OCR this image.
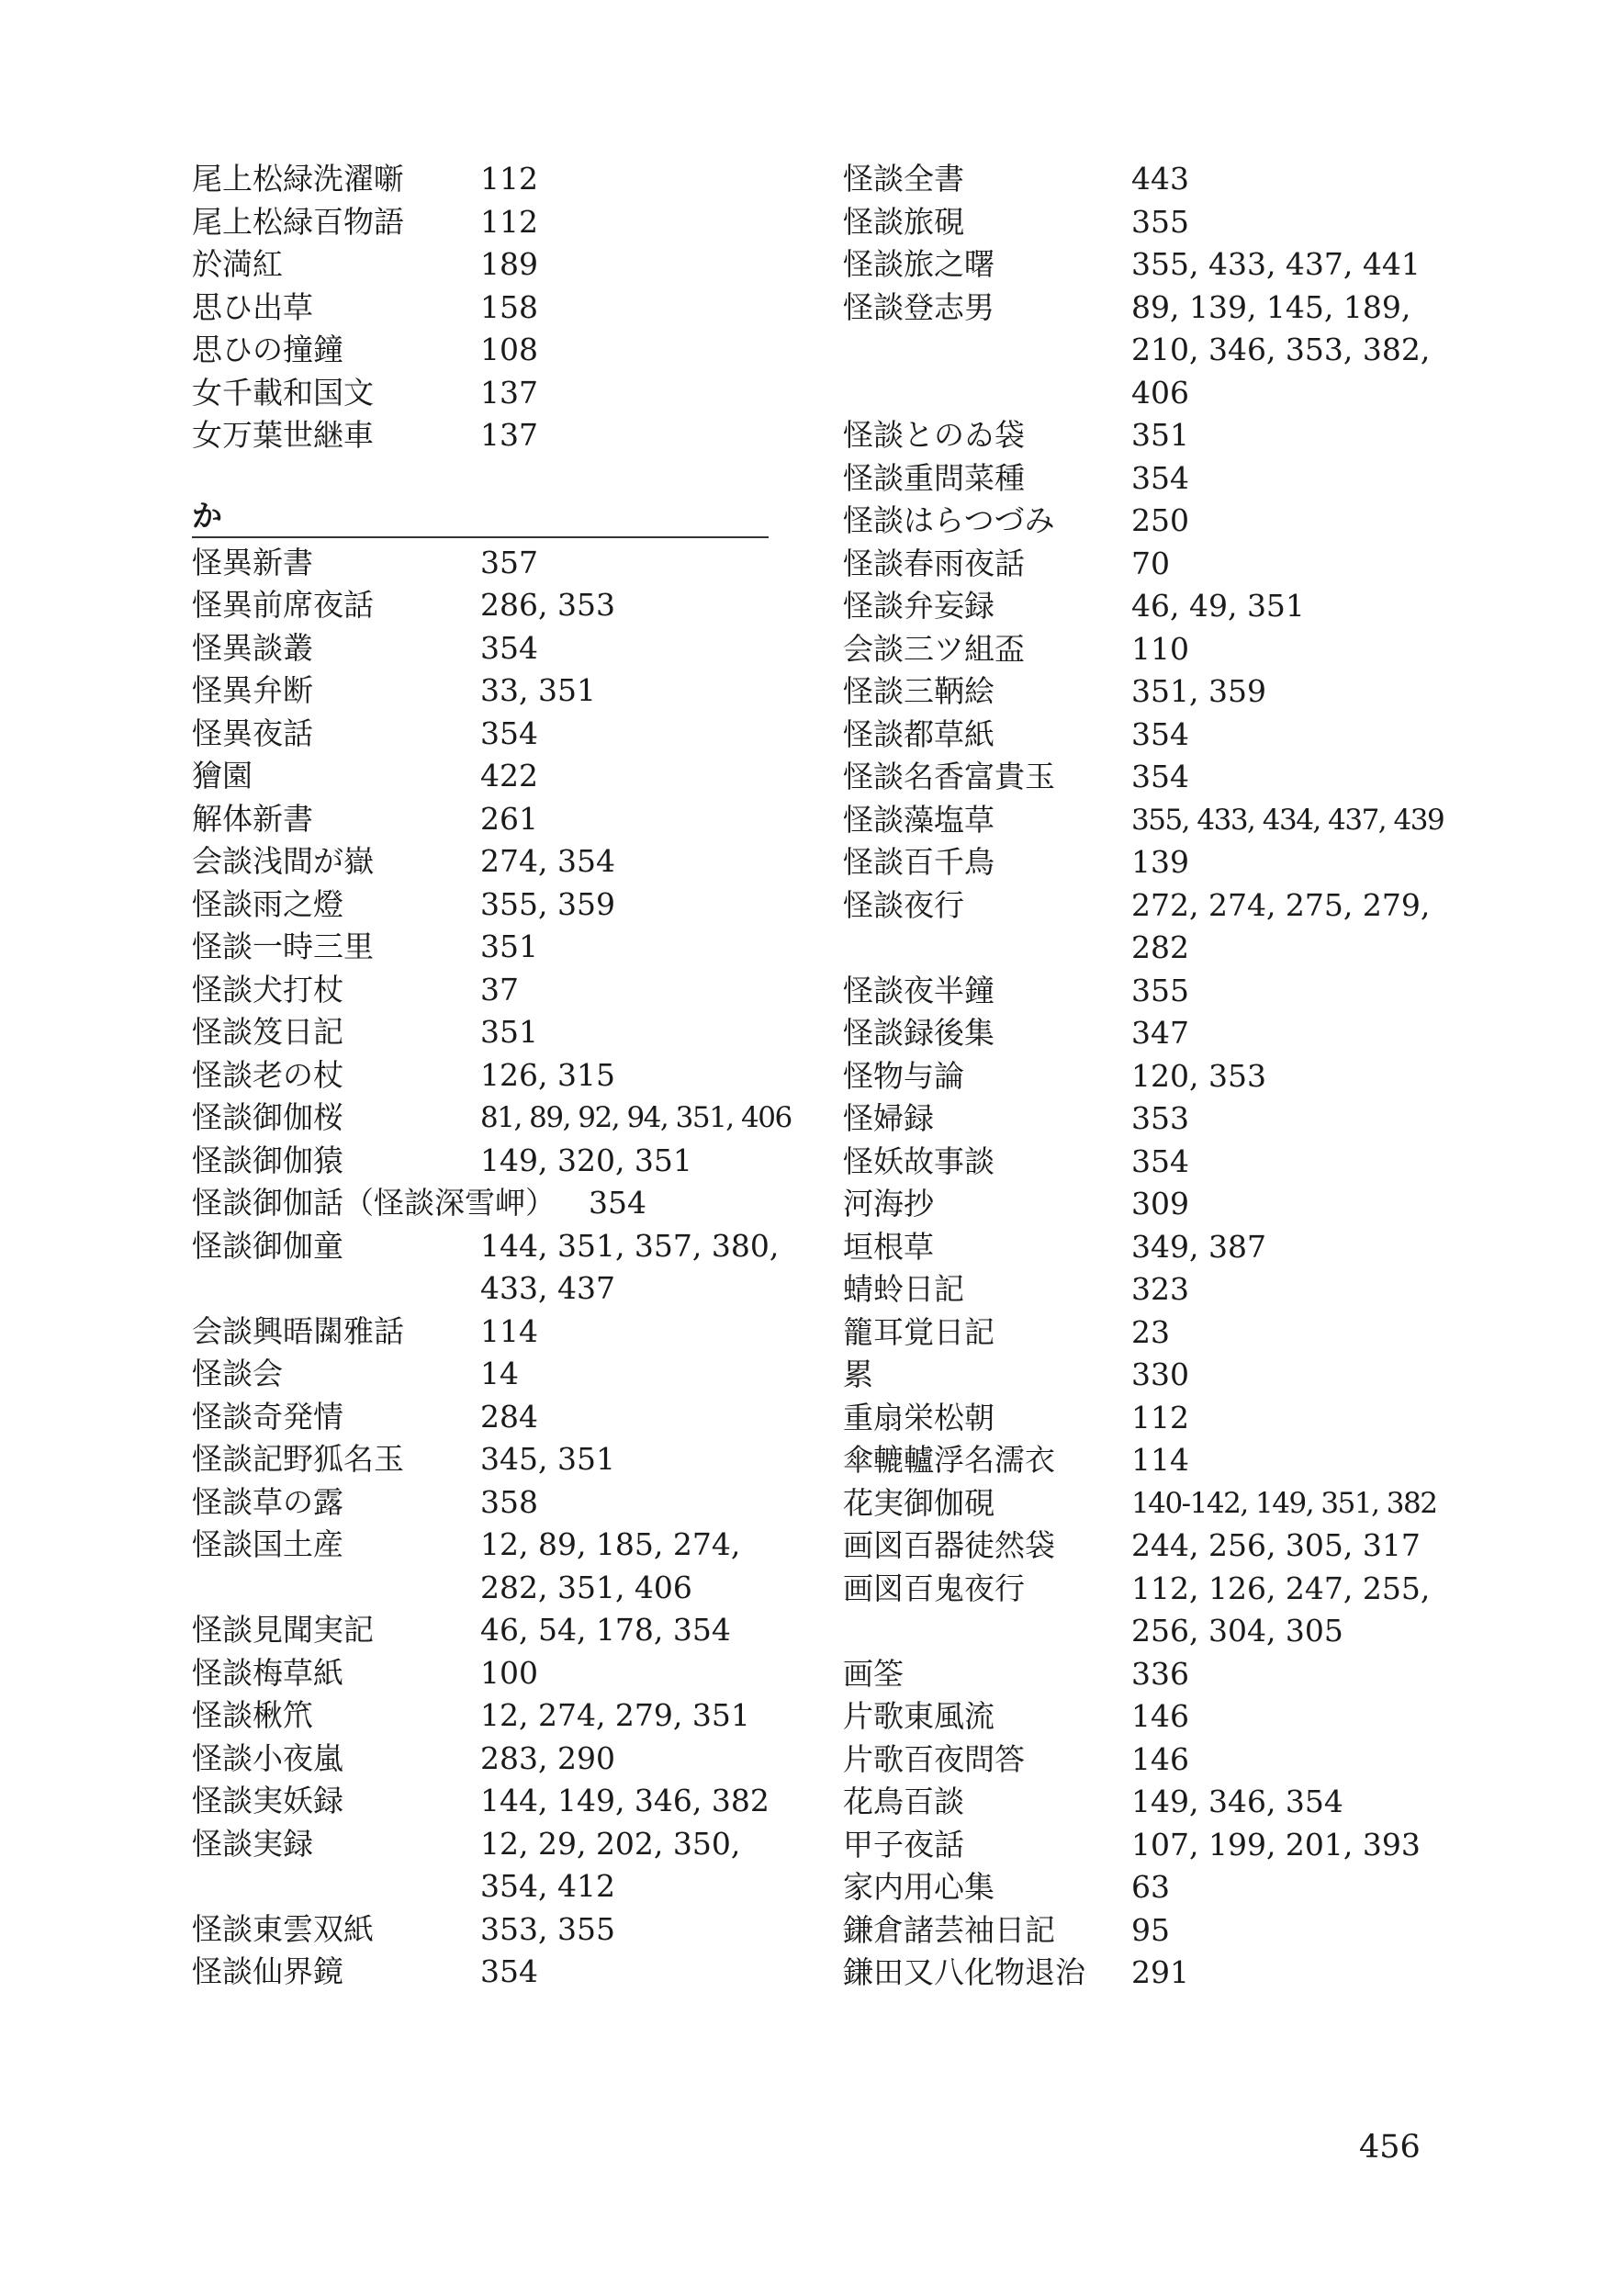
尾上松緑洗濯噺	112
尾上松緑百物語	112
於満紅	189
思ひ出草	158
思ひの撞鐘	108
女千載和国文	137
女万葉世継車	137
か
怪異新書	357
怪異前席夜話	286, 353
怪異談叢	354
怪異弁断	33, 351
怪異夜話	354
獪園	422
解体新書	261
会談浅間が嶽	274, 354
怪談雨之燈	355, 359
怪談一時三里	351
怪談犬打杖	37
怪談笈日記	351
怪談老の杖	126, 315
怪談御伽桜	81, 89, 92, 94, 351, 406
怪談御伽猿	149, 320, 351
怪談御伽話（怪談深雪岬） 354
怪談御伽童	144, 351, 357, 380,
433, 437
会談興晤𨶉雅話	114
怪談会	14
怪談奇発情	284
怪談記野狐名玉	345, 351
怪談草の露	358
怪談国土産	12, 89, 185, 274,
282, 351, 406
怪談見聞実記	46, 54, 178, 354
怪談梅草紙	100
怪談楸笊	12, 274, 279, 351
怪談小夜嵐	283, 290
怪談実妖録	144, 149, 346, 382
怪談実録	12, 29, 202, 350,
354, 412
怪談東雲双紙	353, 355
怪談仙界鏡	354
怪談全書	443
怪談旅硯	355
怪談旅之曙	355, 433, 437, 441
怪談登志男	89, 139, 145, 189,
210, 346, 353, 382,
406
怪談とのゐ袋	351
怪談重問菜種	354
怪談はらつづみ	250
怪談春雨夜話	70
怪談弁妄録	46, 49, 351
会談三ツ組盃	110
怪談三鞆絵	351, 359
怪談都草紙	354
怪談名香富貴玉	354
怪談藻塩草	355, 433, 434, 437, 439
怪談百千鳥	139
怪談夜行	272, 274, 275, 279,
282
怪談夜半鐘	355
怪談録後集	347
怪物与論	120, 353
怪婦録	353
怪妖故事談	354
河海抄	309
垣根草	349, 387
蜻蛉日記	323
籠耳覚日記	23
累	330
重扇栄松朝	112
傘轆轤浮名濡衣	114
花実御伽硯	140-142, 149, 351, 382
画図百器徒然袋	244, 256, 305, 317
画図百鬼夜行	112, 126, 247, 255,
256, 304, 305
画筌	336
片歌東風流	146
片歌百夜問答	146
花鳥百談	149, 346, 354
甲子夜話	107, 199, 201, 393
家内用心集	63
鎌倉諸芸袖日記	95
鎌田又八化物退治 291
456
